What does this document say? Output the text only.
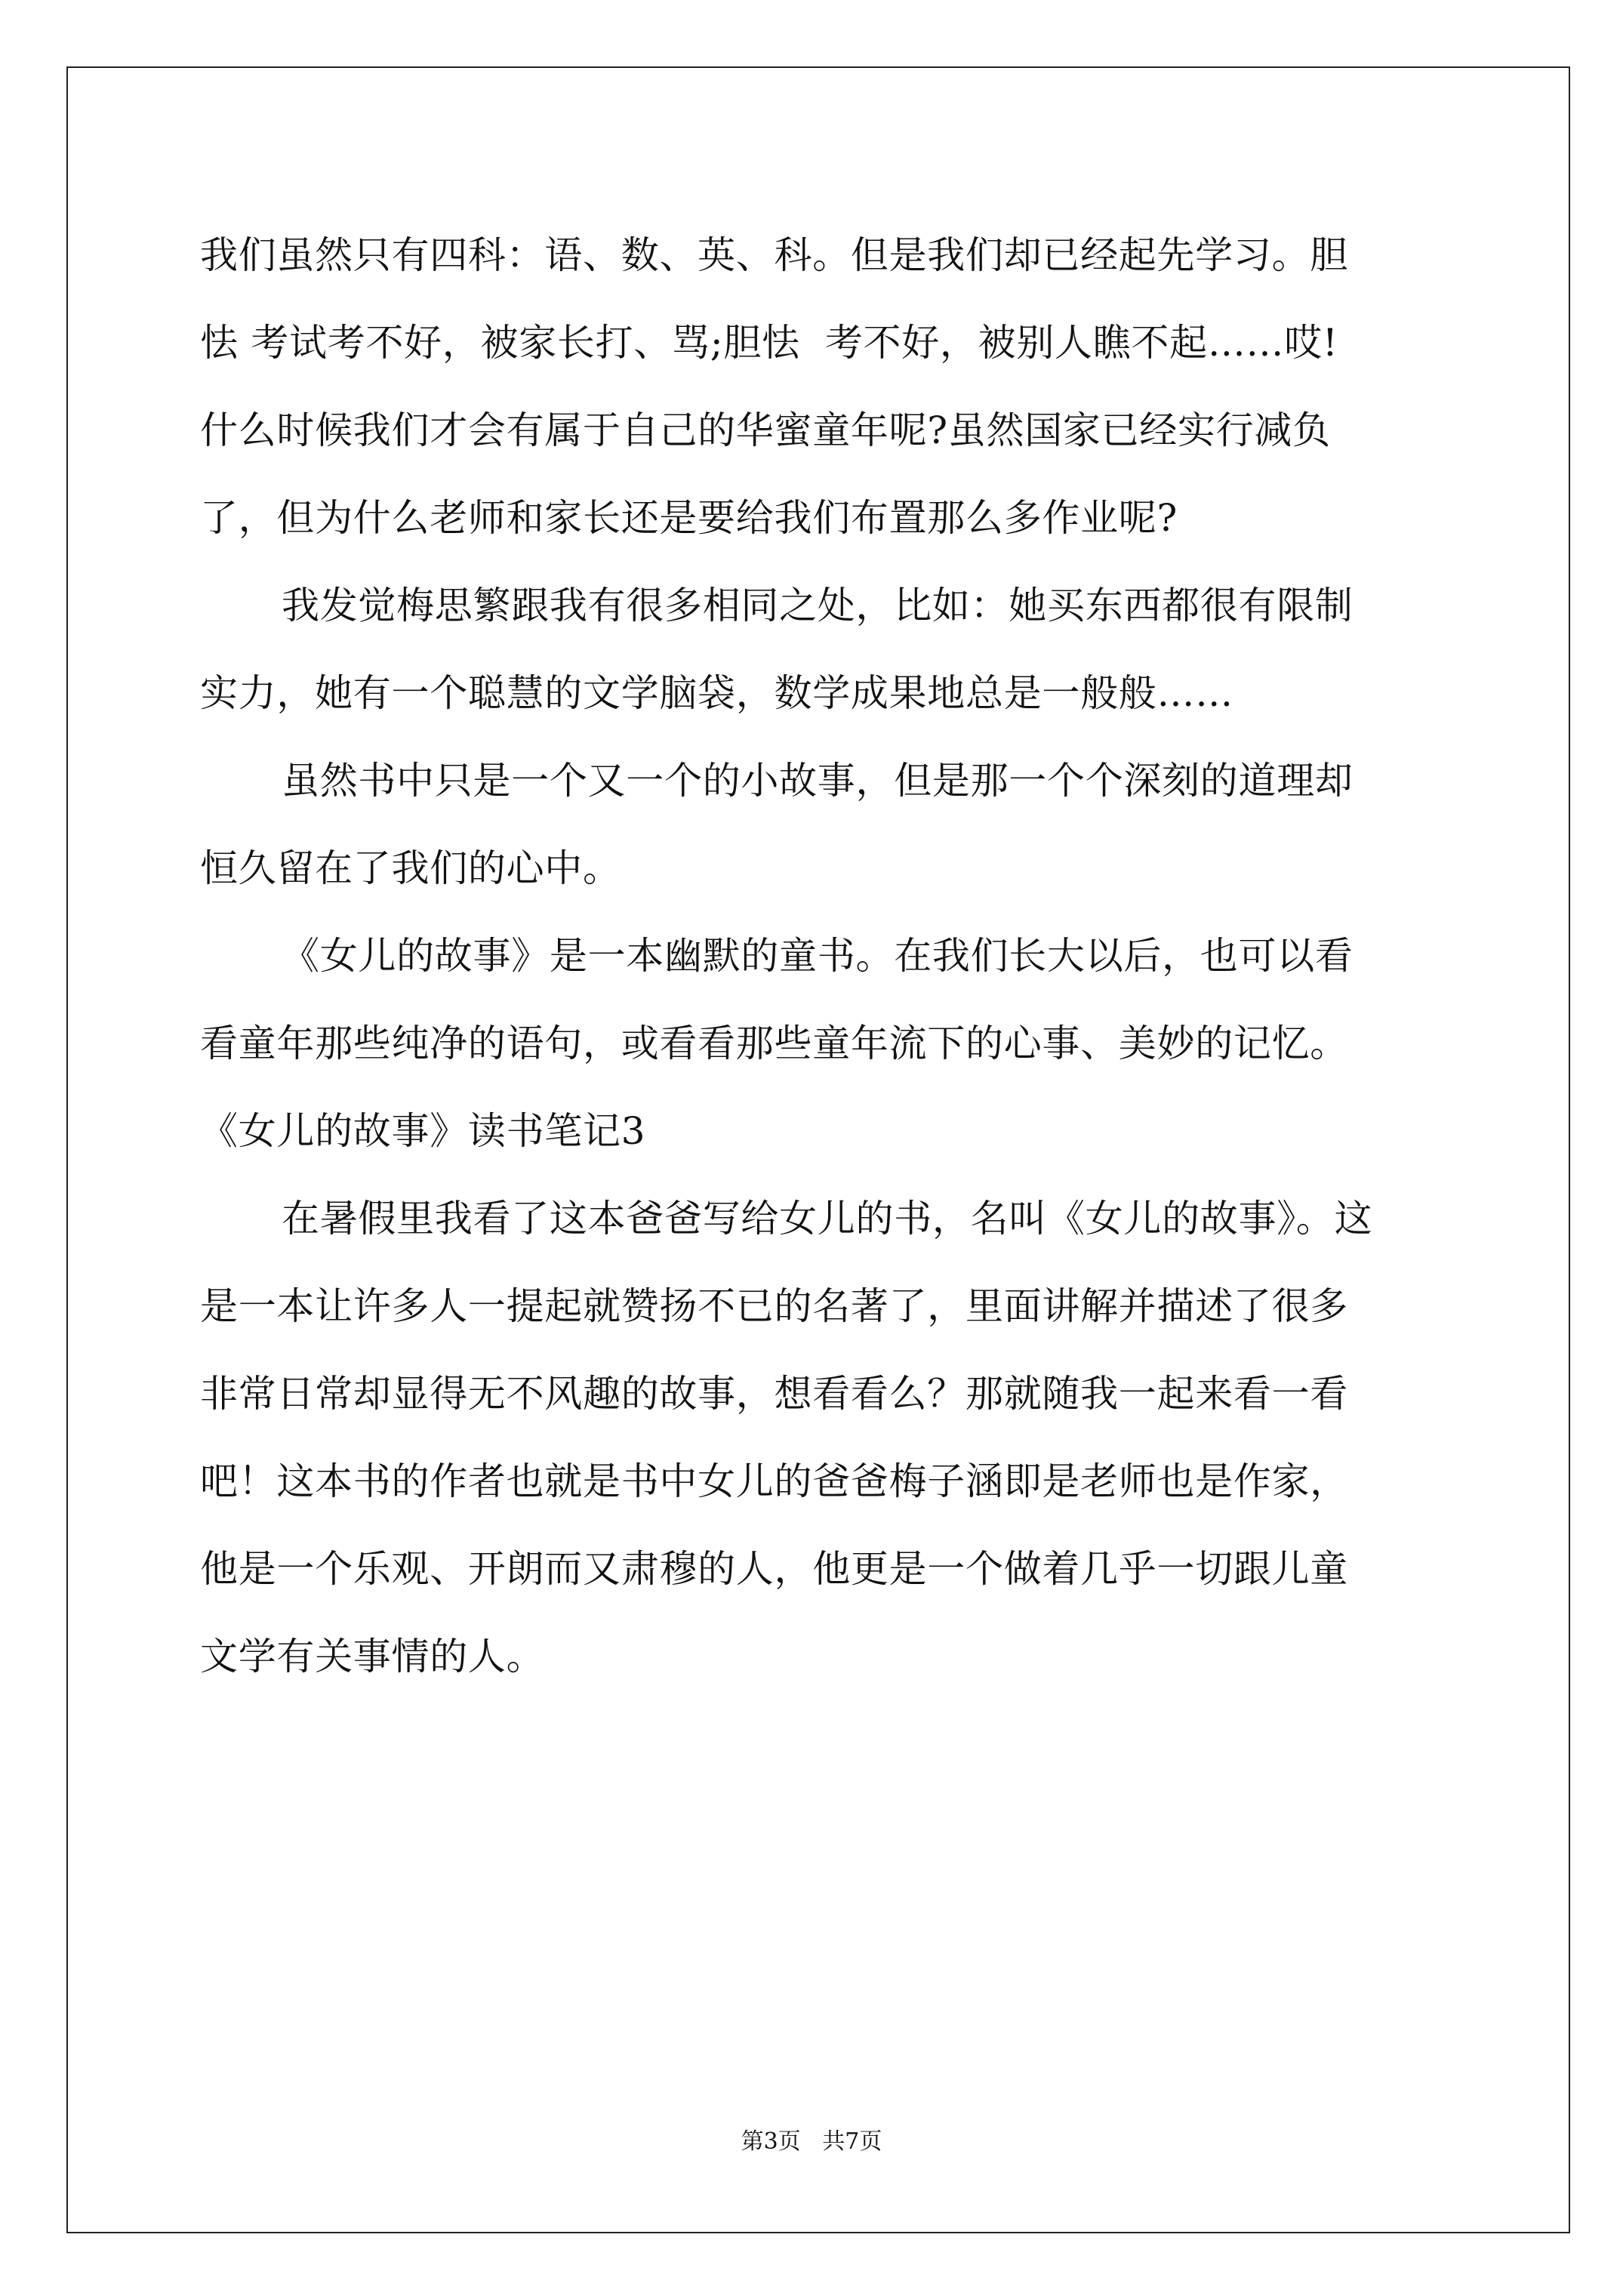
我们虽然只有四科：语、数、英、科。但是我们却已经起先学习。胆
怯 考试考不好，被家长打、骂;胆怯  考不好，被别人瞧不起……哎!
什么时候我们才会有属于自己的华蜜童年呢?虽然国家已经实行减负
了，但为什么老师和家长还是要给我们布置那么多作业呢?
我发觉梅思繁跟我有很多相同之处，比如：她买东西都很有限制
实力，她有一个聪慧的文学脑袋，数学成果地总是一般般……
虽然书中只是一个又一个的小故事，但是那一个个深刻的道理却
恒久留在了我们的心中。
《女儿的故事》是一本幽默的童书。在我们长大以后，也可以看
看童年那些纯净的语句，或看看那些童年流下的心事、美妙的记忆。
《女儿的故事》读书笔记3
在暑假里我看了这本爸爸写给女儿的书，名叫《女儿的故事》。这
是一本让许多人一提起就赞扬不已的名著了，里面讲解并描述了很多
非常日常却显得无不风趣的故事，想看看么？那就随我一起来看一看
吧！这本书的作者也就是书中女儿的爸爸梅子涵即是老师也是作家，
他是一个乐观、开朗而又肃穆的人，他更是一个做着几乎一切跟儿童
文学有关事情的人。
第3页   共7页
